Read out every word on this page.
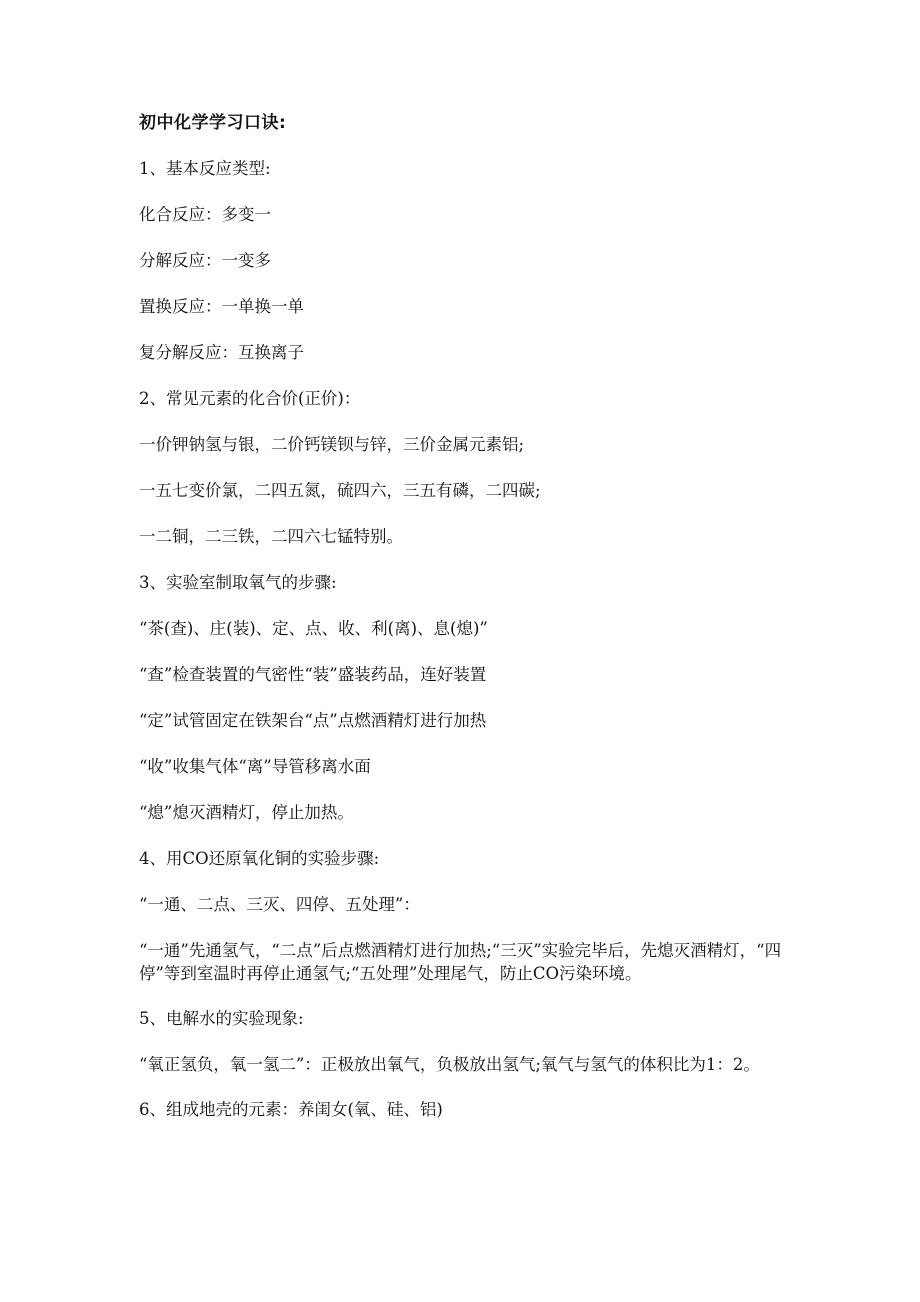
初中化学学习口诀:
1、基本反应类型:
化合反应：多变一
分解反应：一变多
置换反应：一单换一单
复分解反应：互换离子
2、常见元素的化合价(正价)：
一价钾钠氢与银，二价钙镁钡与锌，三价金属元素铝;
一五七变价氯，二四五氮，硫四六，三五有磷，二四碳;
一二铜，二三铁，二四六七锰特别。
3、实验室制取氧气的步骤:
“茶(查)、庄(装)、定、点、收、利(离)、息(熄)”
“查”检查装置的气密性“装”盛装药品，连好装置
“定”试管固定在铁架台“点”点燃酒精灯进行加热
“收”收集气体“离”导管移离水面
“熄”熄灭酒精灯，停止加热。
4、用CO还原氧化铜的实验步骤:
“一通、二点、三灭、四停、五处理”：
“一通”先通氢气，“二点”后点燃酒精灯进行加热;“三灭”实验完毕后，先熄灭酒精灯，“四停”等到室温时再停止通氢气;“五处理”处理尾气，防止CO污染环境。
5、电解水的实验现象:
“氧正氢负，氧一氢二”：正极放出氧气，负极放出氢气;氧气与氢气的体积比为1：2。
6、组成地壳的元素：养闺女(氧、硅、铝)
